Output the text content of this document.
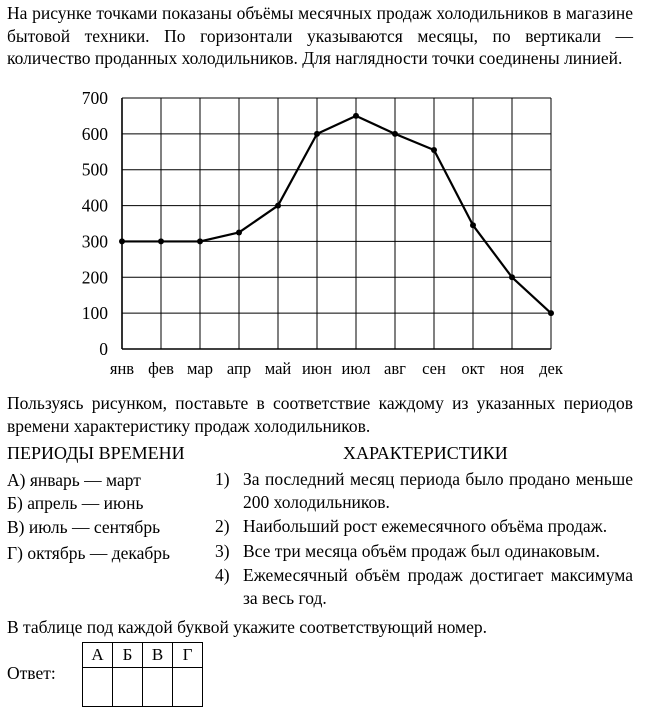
На рисунке точками показаны объёмы месячных продаж холодильников в магазине бытовой техники. По горизонтали указываются месяцы, по вертикали — количество проданных холодильников. Для наглядности точки соединены линией.
0
100
200
300
400
500
600
700
янв фев мар апр май июн июл авг сен окт ноя дек
Пользуясь рисунком, поставьте в соответствие каждому из указанных периодов времени характеристику продаж холодильников.
ПЕРИОДЫ ВРЕМЕНИ	ХАРАКТЕРИСТИКИ
А) январь — март
Б) апрель — июнь
В) июль — сентябрь
Г) октябрь — декабрь
1) За последний месяц периода было продано меньше 200 холодильников.
2) Наибольший рост ежемесячного объёма продаж.
3) Все три месяца объём продаж был одинаковым.
4) Ежемесячный объём продаж достигает максимума за весь год.
В таблице под каждой буквой укажите соответствующий номер.
Ответ:
А	Б	В	Г
